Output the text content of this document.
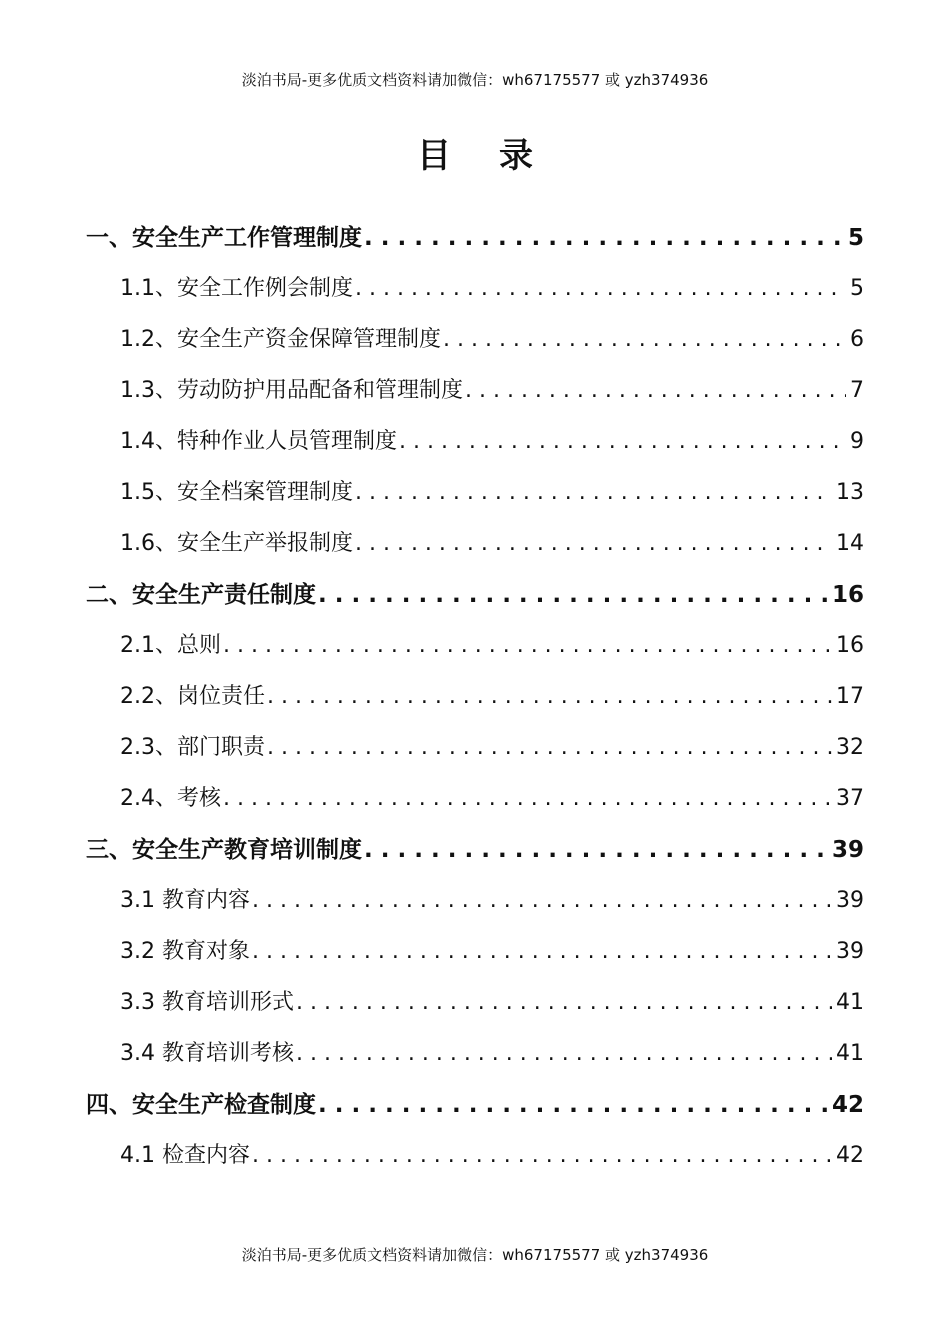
淡泊书局-更多优质文档资料请加微信：wh67175577 或 yzh374936
目录
一、安全生产工作管理制度 . . .	5
1.1、安全工作例会制度 . . .	5
1.2、安全生产资金保障管理制度 . . .	6
1.3、劳动防护用品配备和管理制度 . . .	7
1.4、特种作业人员管理制度 . . .	9
1.5、安全档案管理制度 . . .	13
1.6、安全生产举报制度 . . .	14
二、安全生产责任制度 . . .	16
2.1、总则 . . .	16
2.2、岗位责任 . . .	17
2.3、部门职责 . . .	32
2.4、考核 . . .	37
三、安全生产教育培训制度 . . .	39
3.1 教育内容 . . .	39
3.2 教育对象 . . .	39
3.3 教育培训形式 . . .	41
3.4 教育培训考核 . . .	41
四、安全生产检查制度 . . .	42
4.1 检查内容 . . .	42
淡泊书局-更多优质文档资料请加微信：wh67175577 或 yzh374936
